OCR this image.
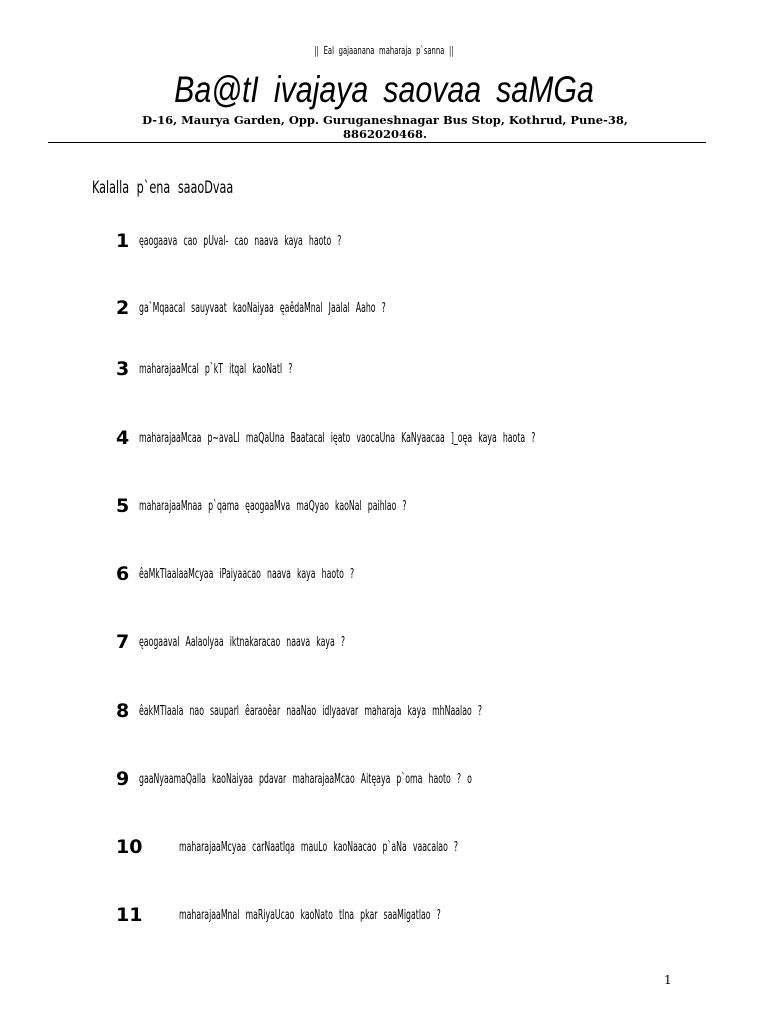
|| Eal gajaanana maharaja p`sanna ||
Ba@tI ivajaya saovaa saMGa
D-16, Maurya Garden, Opp. Guruganeshnagar Bus Stop, Kothrud, Pune-38,
8862020468.
Kalalla p`ena saaoDvaa
1 ęaogaava cao pUval- cao naava kaya haoto ?
2 ga`Mqaacal sauyvaat kaoNaiyaa ęaêdaMnal Jaalal Aaho ?
3 maharajaaMcal p`kT itqal kaoNatI ?
4 maharajaaMcaa p~avaLI maQaUna Baatacal ięato vaocaUna KaNyaacaa ]_oęa kaya haota ?
5 maharajaaMnaa p`qama ęaogaaMva maQyao kaoNal paihlao ?
6 êaMkTIaalaaMcyaa iPaiyaacao naava kaya haoto ?
7 ęaogaaval Aalaolyaa iktnakaracao naava kaya ?
8 êakMTIaala nao sauparl êaraoêar naaNao idlyaavar maharaja kaya mhNaalao ?
9 gaaNyaamaQalla kaoNaiyaa pdavar maharajaaMcao Aitęaya p`oma haoto ? o
10	maharajaaMcyaa carNaatIqa mauLo kaoNaacao p`aNa vaacalao ?
11	maharajaaMnal maRiyaUcao kaoNato tIna pkar saaMigatlao ?
1
